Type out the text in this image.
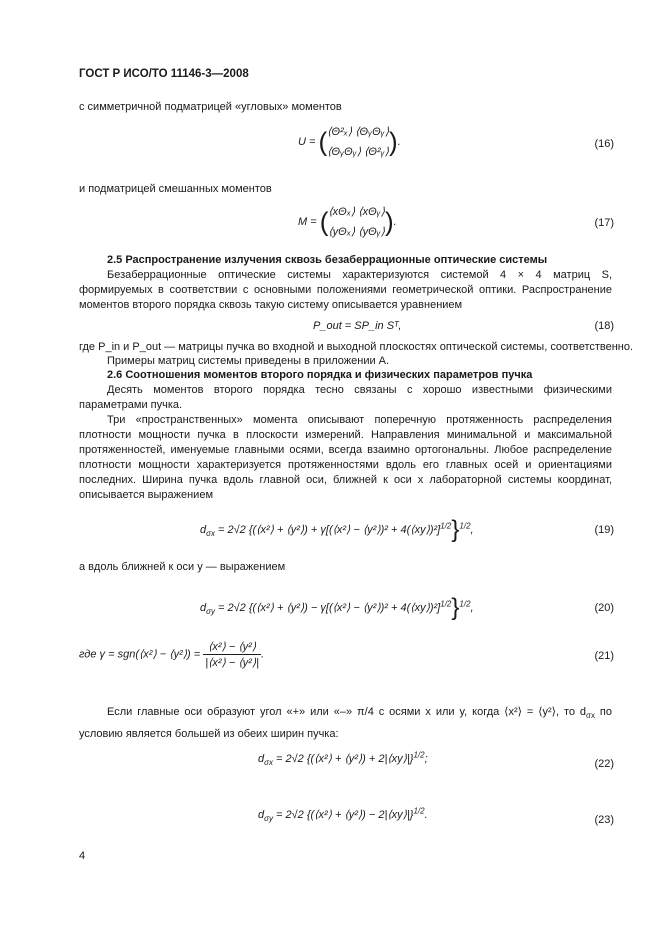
ГОСТ Р ИСО/ТО 11146-3—2008
с симметричной подматрицей «угловых» моментов
U = (⟨Θ²ₓ⟩ ⟨ΘᵧΘᵧ⟩
⟨ΘᵧΘᵧ⟩ ⟨Θ²ᵧ⟩).	(16)
и подматрицей смешанных моментов
M = (⟨xΘₓ⟩ ⟨xΘᵧ⟩
⟨yΘₓ⟩ ⟨yΘᵧ⟩).	(17)
2.5 Распространение излучения сквозь безаберрационные оптические системы
Безаберрационные оптические системы характеризуются системой 4 × 4 матриц S, формируемых в соответствии с основными положениями геометрической оптики. Распространение моментов второго порядка сквозь такую систему описывается уравнением
P_out = SP_in Sᵀ,	(18)
где P_in и P_out — матрицы пучка во входной и выходной плоскостях оптической системы, соответственно.
Примеры матриц системы приведены в приложении А.
2.6 Соотношения моментов второго порядка и физических параметров пучка
Десять моментов второго порядка тесно связаны с хорошо известными физическими параметрами пучка.
Три «пространственных» момента описывают поперечную протяженность распределения плотности мощности пучка в плоскости измерений. Направления минимальной и максимальной протяженностей, именуемые главными осями, всегда взаимно ортогональны. Любое распределение плотности мощности характеризуется протяженностями вдоль его главных осей и ориентациями последних. Ширина пучка вдоль главной оси, ближней к оси x лабораторной системы координат, описывается выражением
$d_{\sigma x} = 2√2$ {(⟨x²⟩ + ⟨y²⟩) + γ[(⟨x²⟩ − ⟨y²⟩)² + 4(⟨xy⟩)²]$^{1/2}$}$^{1/2}$,	(19)
а вдоль ближней к оси y — выражением
$d_{\sigma y} = 2√2$ {(⟨x²⟩ + ⟨y²⟩) − γ[(⟨x²⟩ − ⟨y²⟩)² + 4(⟨xy⟩)²]$^{1/2}$}$^{1/2}$,	(20)
где γ = sgn(⟨x²⟩ − ⟨y²⟩) = $\frac{\text{⟨x²⟩ − ⟨y²⟩}}{\text{|⟨x²⟩ − ⟨y²⟩|}}$ .	(21)
Если главные оси образуют угол «+» или «–» π/4 с осями x или y, когда ⟨x²⟩ = ⟨y²⟩, то $d_{\sigma x}$ по условию является большей из обеих ширин пучка:
$d_{\sigma x} = 2√2$ {(⟨x²⟩ + ⟨y²⟩) + 2|⟨xy⟩|}$^{1/2}$;	(22)
$d_{\sigma y} = 2√2$ {(⟨x²⟩ + ⟨y²⟩) − 2|⟨xy⟩|}$^{1/2}$.	(23)
4
